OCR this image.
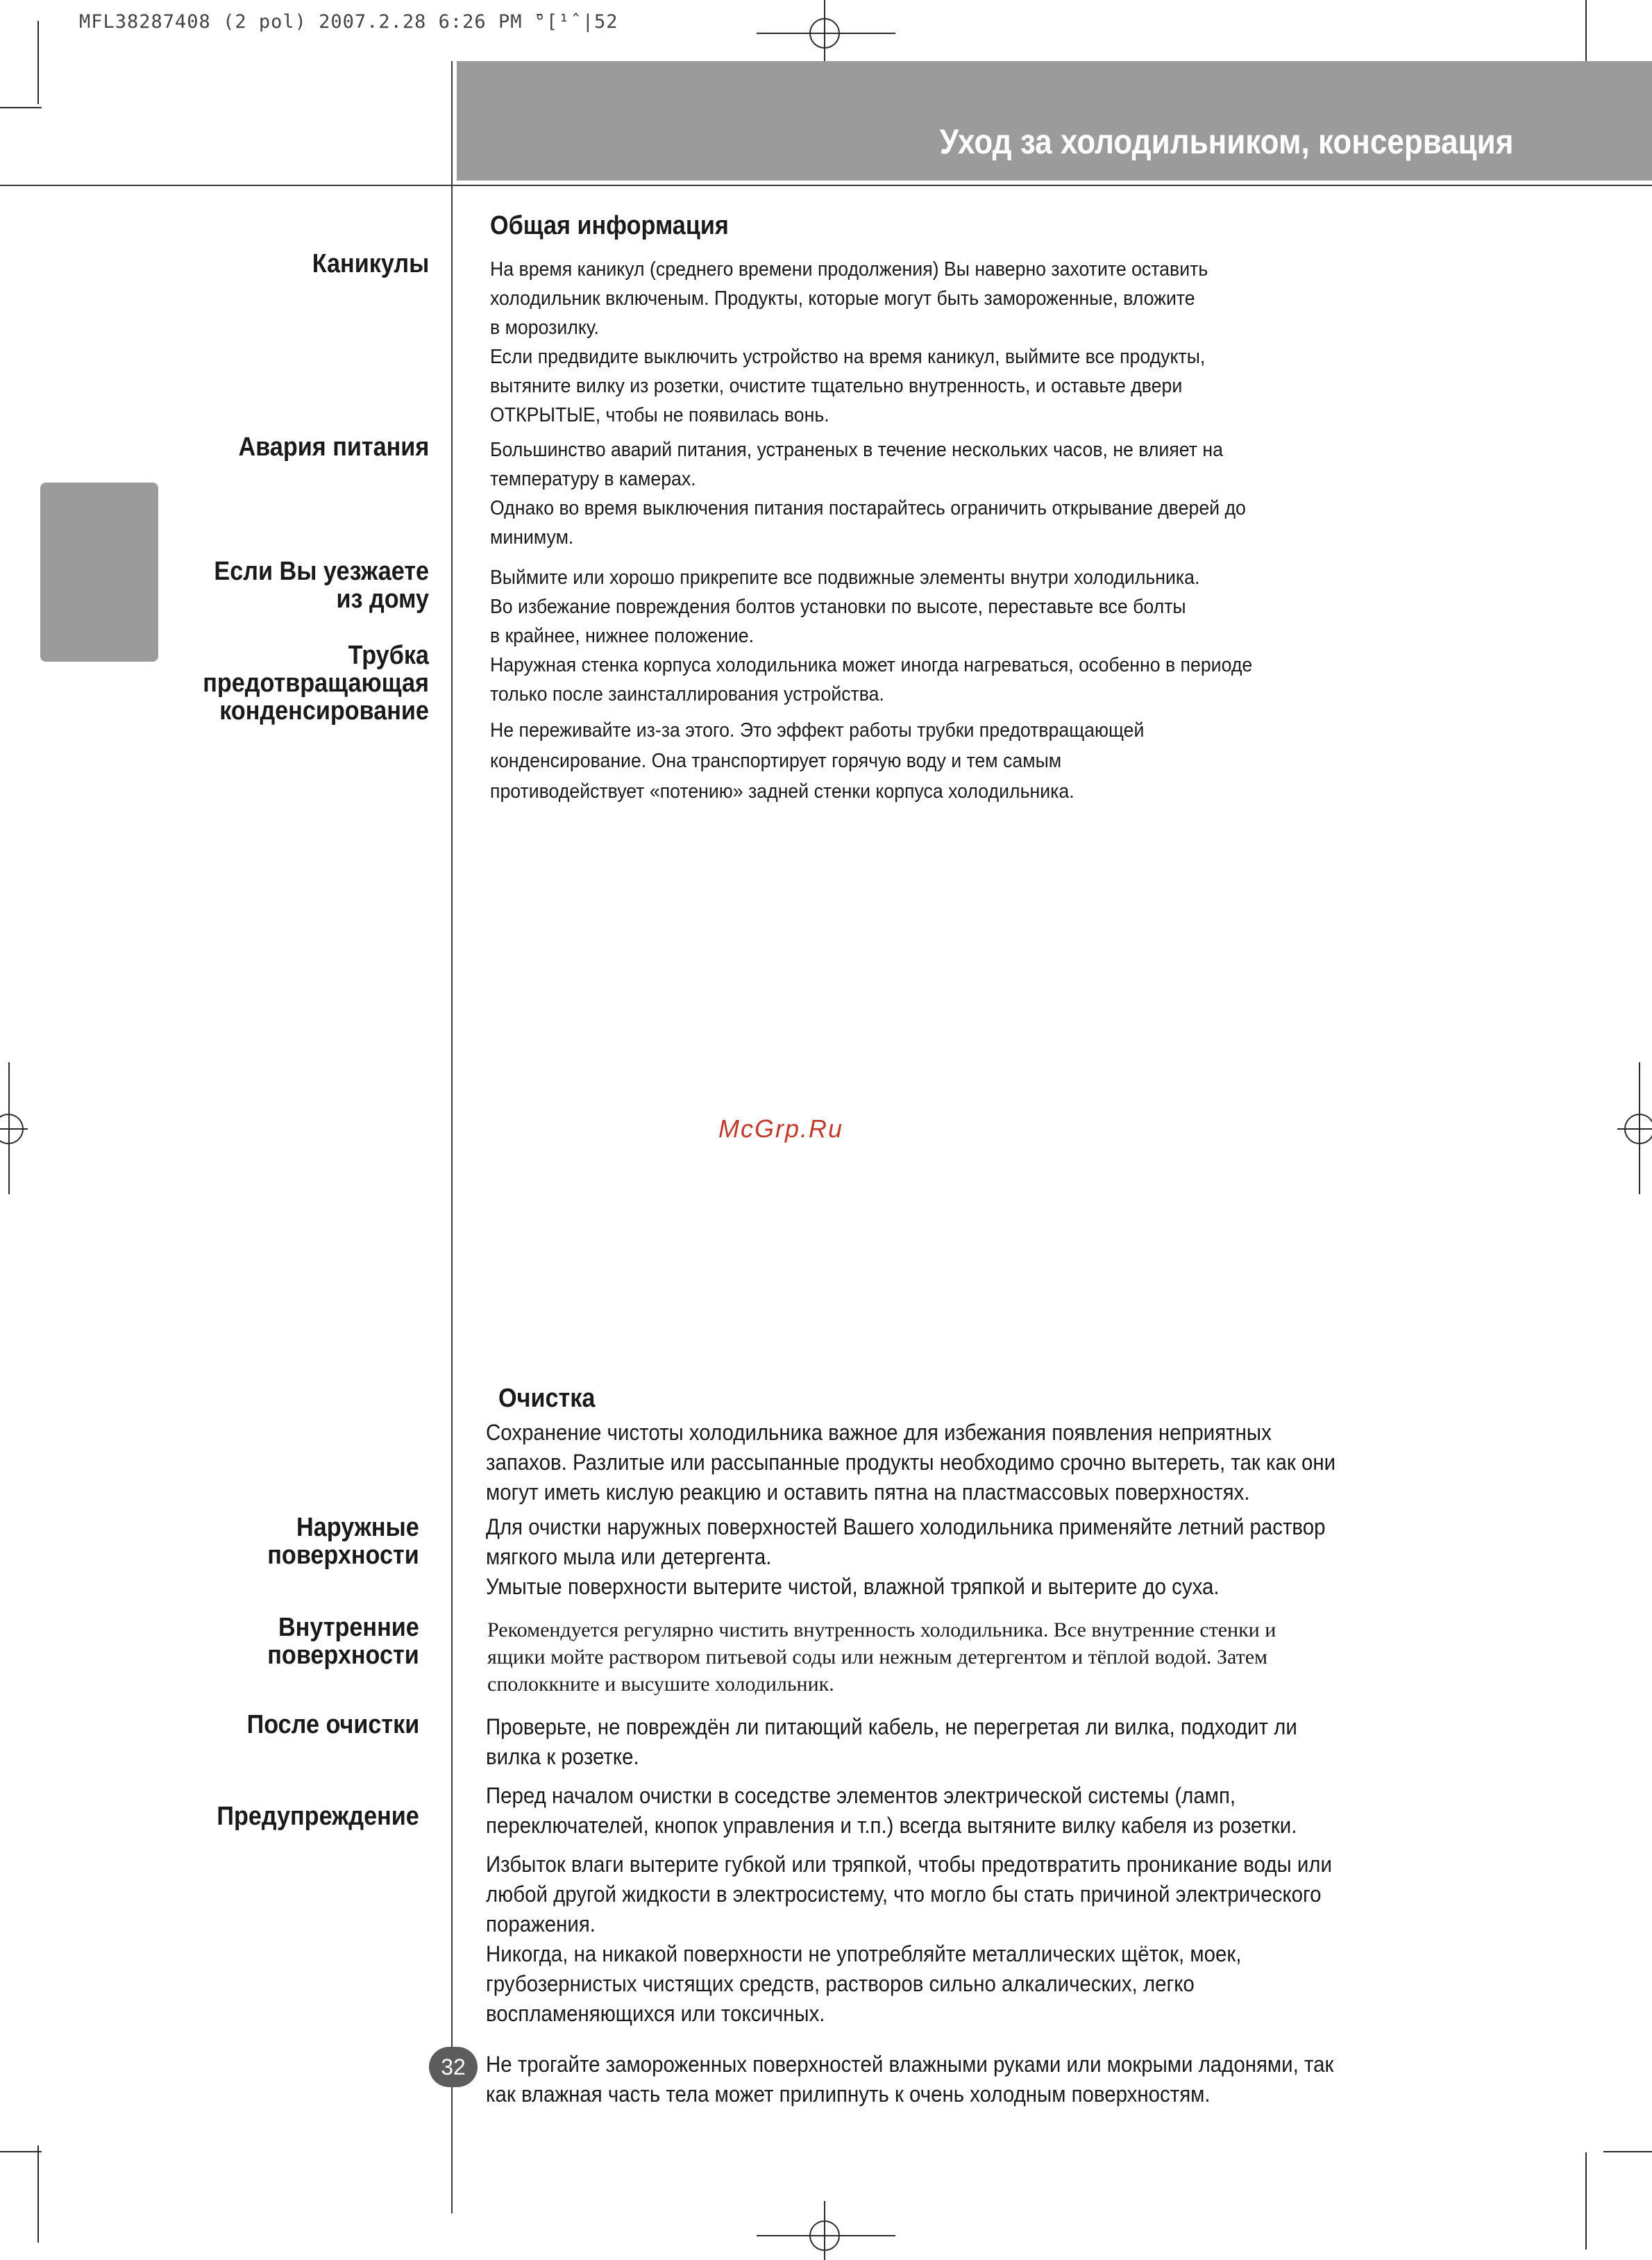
MFL38287408 (2 pol) 2007.2.28 6:26 PM ̄°[¹ˆ|52
Уход за холодильником, консервация
Общая информация
Каникулы	На время каникул (среднего времени продолжения) Вы наверно захотите оставить
холодильник включеным. Продукты, которые могут быть замороженные, вложите
в морозилку.
Если предвидите выключить устройство на время каникул, выймите все продукты,
вытяните вилку из розетки, очистите тщательно внутренность, и оставьте двери
ОТКРЫТЫЕ, чтобы не появилась вонь.
Авария питания	Большинство аварий питания, устраненых в течение нескольких часов, не влияет на
температуру в камерах.
Однако во время выключения питания постарайтесь ограничить открывание дверей до
минимум.
Если Вы уезжаете
из дому
Выймите или хорошо прикрепите все подвижные элементы внутри холодильника.
Во избежание повреждения болтов установки по высоте, переставьте все болты
в крайнее, нижнее положение.
Трубка
предотвращающая
конденсирование
Наружная стенка корпуса холодильника может иногда нагреваться, особенно в периоде
только после заинсталлирования устройства.
Не переживайте из-за этого. Это эффект работы трубки предотвращающей
конденсирование. Она транспортирует горячую воду и тем самым
противодействует «потению» задней стенки корпуса холодильника.
McGrp.Ru
Очистка
Сохранение чистоты холодильника важное для избежания появления неприятных
запахов. Разлитые или рассыпанные продукты необходимо срочно вытереть, так как они
могут иметь кислую реакцию и оставить пятна на пластмассовых поверхностях.
Наружные
поверхности
Для очистки наружных поверхностей Вашего холодильника применяйте летний раствор
мягкого мыла или детергента.
Умытые поверхности вытерите чистой, влажной тряпкой и вытерите до суха.
Внутренние
поверхности
Рекомендуется регулярно чистить внутренность холодильника. Все внутренние стенки и
ящики мойте раствором питьевой соды или нежным детергентом и тёплой водой. Затем
сполоккните и высушите холодильник.
После очистки	Проверьте, не повреждён ли питающий кабель, не перегретая ли вилка, подходит ли
вилка к розетке.
Предупреждение
Перед началом очистки в соседстве элементов электрической системы (ламп,
переключателей, кнопок управления и т.п.) всегда вытяните вилку кабеля из розетки.
Избыток влаги вытерите губкой или тряпкой, чтобы предотвратить проникание воды или
любой другой жидкости в электросистему, что могло бы стать причиной электрического
поражения.
Никогда, на никакой поверхности не употребляйте металлических щёток, моек,
грубозернистых чистящих средств, растворов сильно алкалических, легко
воспламеняющихся или токсичных.
32 Не трогайте замороженных поверхностей влажными руками или мокрыми ладонями, так
как влажная часть тела может прилипнуть к очень холодным поверхностям.
